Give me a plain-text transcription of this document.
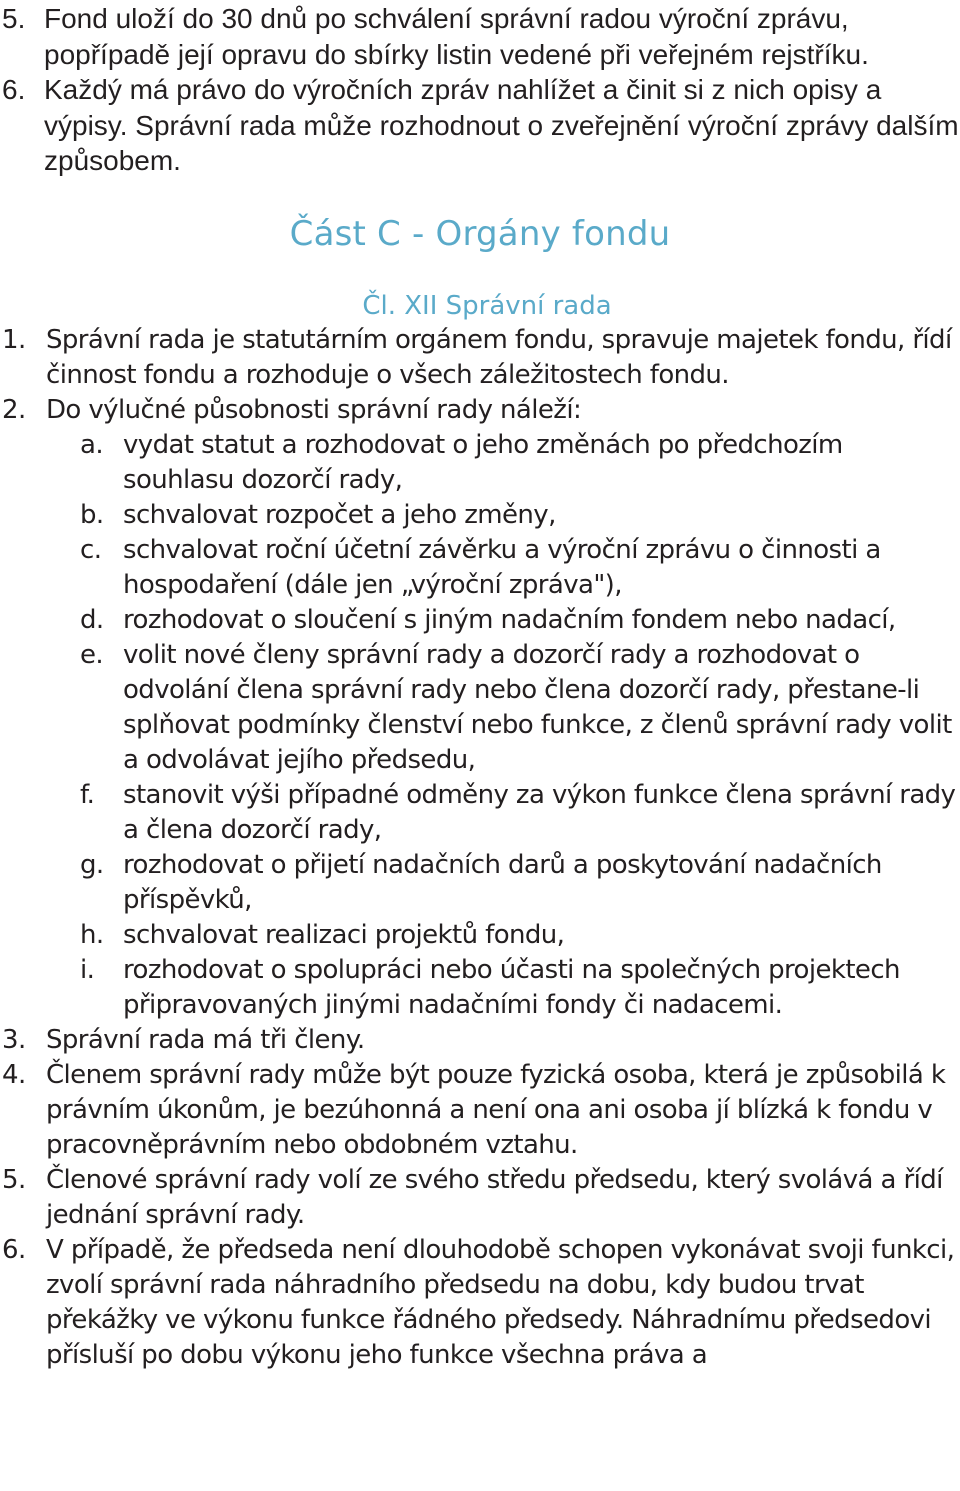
5. Fond uloží do 30 dnů po schválení správní radou výroční zprávu, popřípadě její opravu do sbírky listin vedené při veřejném rejstříku.
6. Každý má právo do výročních zpráv nahlížet a činit si z nich opisy a výpisy. Správní rada může rozhodnout o zveřejnění výroční zprávy dalším způsobem.
Část C - Orgány fondu
Čl. XII Správní rada
1. Správní rada je statutárním orgánem fondu, spravuje majetek fondu, řídí činnost fondu a rozhoduje o všech záležitostech fondu.
2. Do výlučné působnosti správní rady náleží:
a. vydat statut a rozhodovat o jeho změnách po předchozím souhlasu dozorčí rady,
b. schvalovat rozpočet a jeho změny,
c. schvalovat roční účetní závěrku a výroční zprávu o činnosti a hospodaření (dále jen „výroční zpráva"),
d. rozhodovat o sloučení s jiným nadačním fondem nebo nadací,
e. volit nové členy správní rady a dozorčí rady a rozhodovat o odvolání člena správní rady nebo člena dozorčí rady, přestane-li splňovat podmínky členství nebo funkce, z členů správní rady volit a odvolávat jejího předsedu,
f.	stanovit výši případné odměny za výkon funkce člena správní rady a člena dozorčí rady,
g. rozhodovat o přijetí nadačních darů a poskytování nadačních příspěvků,
h. schvalovat realizaci projektů fondu,
i.	rozhodovat o spolupráci nebo účasti na společných projektech připravovaných jinými nadačními fondy či nadacemi.
3. Správní rada má tři členy.
4. Členem správní rady může být pouze fyzická osoba, která je způsobilá k právním úkonům, je bezúhonná a není ona ani osoba jí blízká k fondu v pracovněprávním nebo obdobném vztahu.
5. Členové správní rady volí ze svého středu předsedu, který svolává a řídí jednání správní rady.
6. V případě, že předseda není dlouhodobě schopen vykonávat svoji funkci, zvolí správní rada náhradního předsedu na dobu, kdy budou trvat překážky ve výkonu funkce řádného předsedy. Náhradnímu předsedovi přísluší po dobu výkonu jeho funkce všechna práva a
